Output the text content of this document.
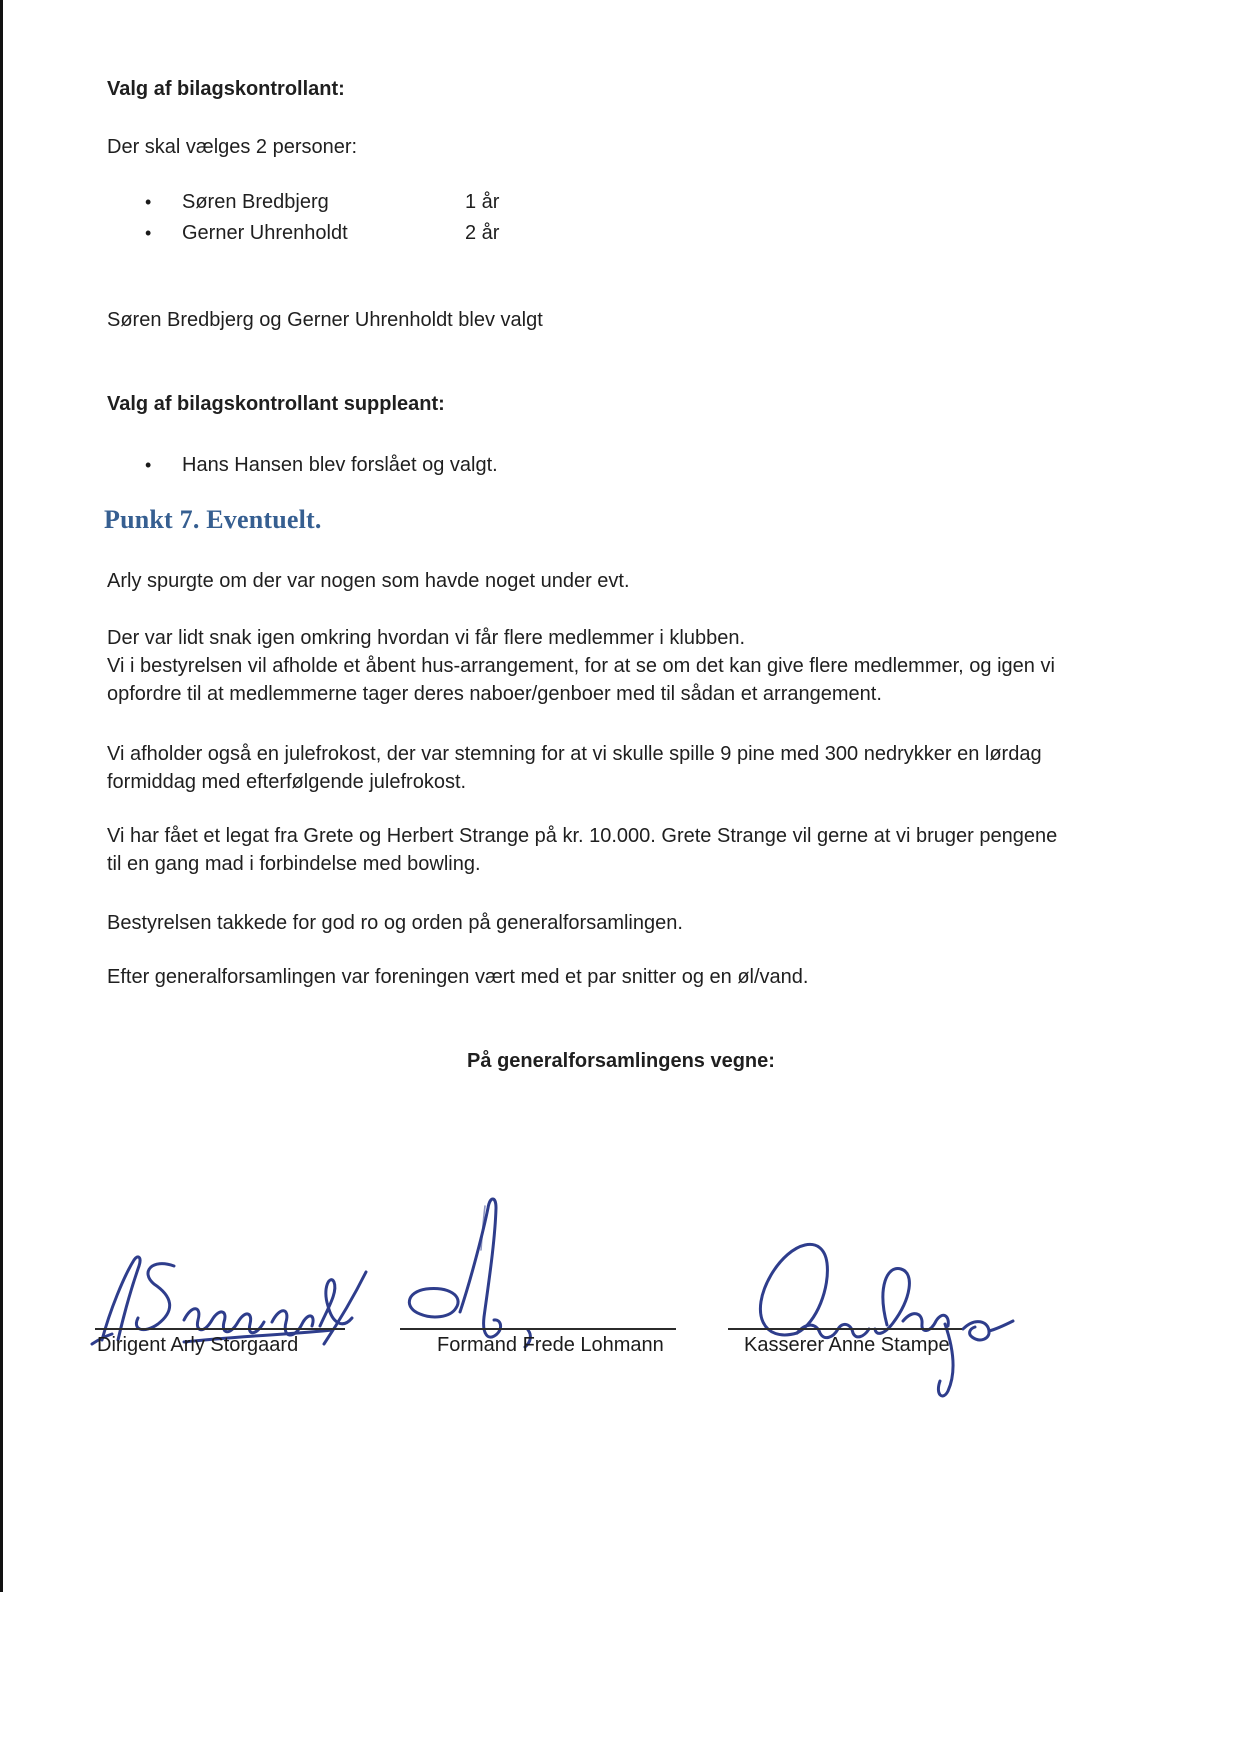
Valg af bilagskontrollant:
Der skal vælges 2 personer:
•	Søren Bredbjerg	1 år
•	Gerner Uhrenholdt	2 år
Søren Bredbjerg og Gerner Uhrenholdt blev valgt
Valg af bilagskontrollant suppleant:
•	Hans Hansen blev forslået og valgt.
Punkt 7. Eventuelt.
Arly spurgte om der var nogen som havde noget under evt.
Der var lidt snak igen omkring hvordan vi får flere medlemmer i klubben.
Vi i bestyrelsen vil afholde et åbent hus-arrangement, for at se om det kan give flere medlemmer, og igen vi
opfordre til at medlemmerne tager deres naboer/genboer med til sådan et arrangement.
Vi afholder også en julefrokost, der var stemning for at vi skulle spille 9 pine med 300 nedrykker en lørdag
formiddag med efterfølgende julefrokost.
Vi har fået et legat fra Grete og Herbert Strange på kr. 10.000. Grete Strange vil gerne at vi bruger pengene
til en gang mad i forbindelse med bowling.
Bestyrelsen takkede for god ro og orden på generalforsamlingen.
Efter generalforsamlingen var foreningen vært med et par snitter og en øl/vand.
På generalforsamlingens vegne:
Dirigent Arly Storgaard	Formand Frede Lohmann	Kasserer Anne Stampe
